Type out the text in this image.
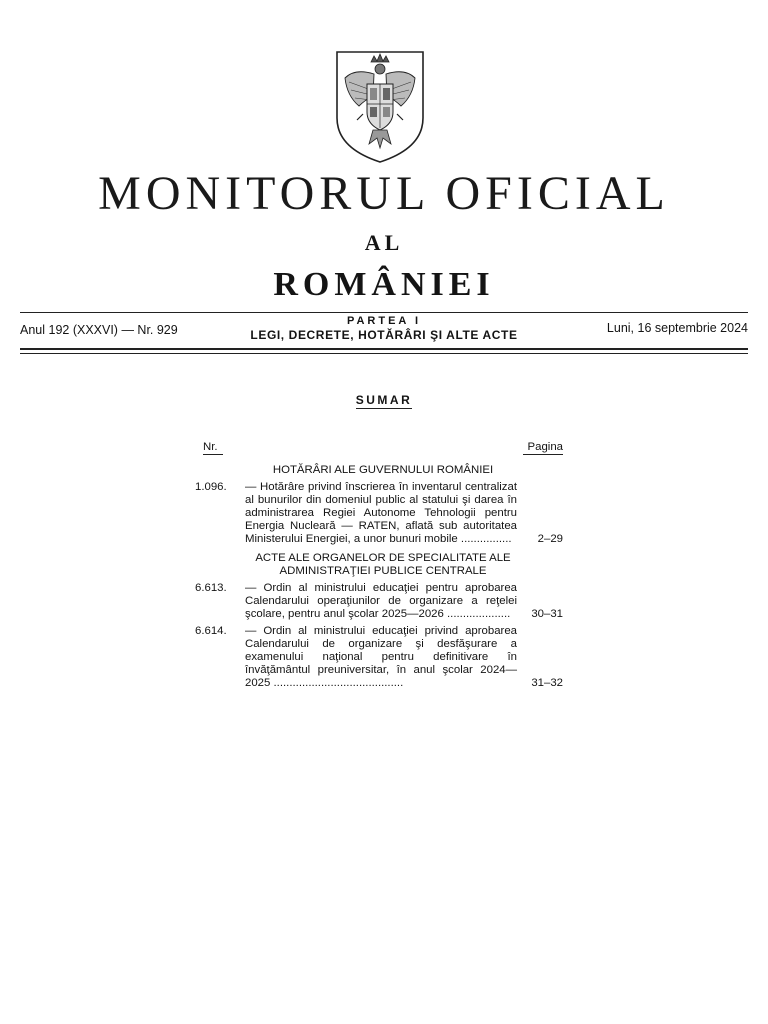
MONITORUL OFICIAL
AL
ROMÂNIEI
Anul 192 (XXXVI) — Nr. 929
PARTEA I
LEGI, DECRETE, HOTĂRÂRI ŞI ALTE ACTE	Luni, 16 septembrie 2024
SUMAR
Nr.	Pagina
HOTĂRÂRI ALE GUVERNULUI ROMÂNIEI
1.096. — Hotărâre privind înscrierea în inventarul centralizat al bunurilor din domeniul public al statului şi darea în administrarea Regiei Autonome Tehnologii pentru Energia Nucleară — RATEN, aflată sub autoritatea Ministerului Energiei, a unor bunuri mobile ................	2–29
ACTE ALE ORGANELOR DE SPECIALITATE ALE ADMINISTRAŢIEI PUBLICE CENTRALE
6.613. — Ordin al ministrului educaţiei pentru aprobarea Calendarului operaţiunilor de organizare a reţelei şcolare, pentru anul şcolar 2025—2026 ....................	30–31
6.614. — Ordin al ministrului educaţiei privind aprobarea Calendarului de organizare şi desfăşurare a examenului naţional pentru definitivare în învăţământul preuniversitar, în anul şcolar 2024—2025 .........................................	31–32
